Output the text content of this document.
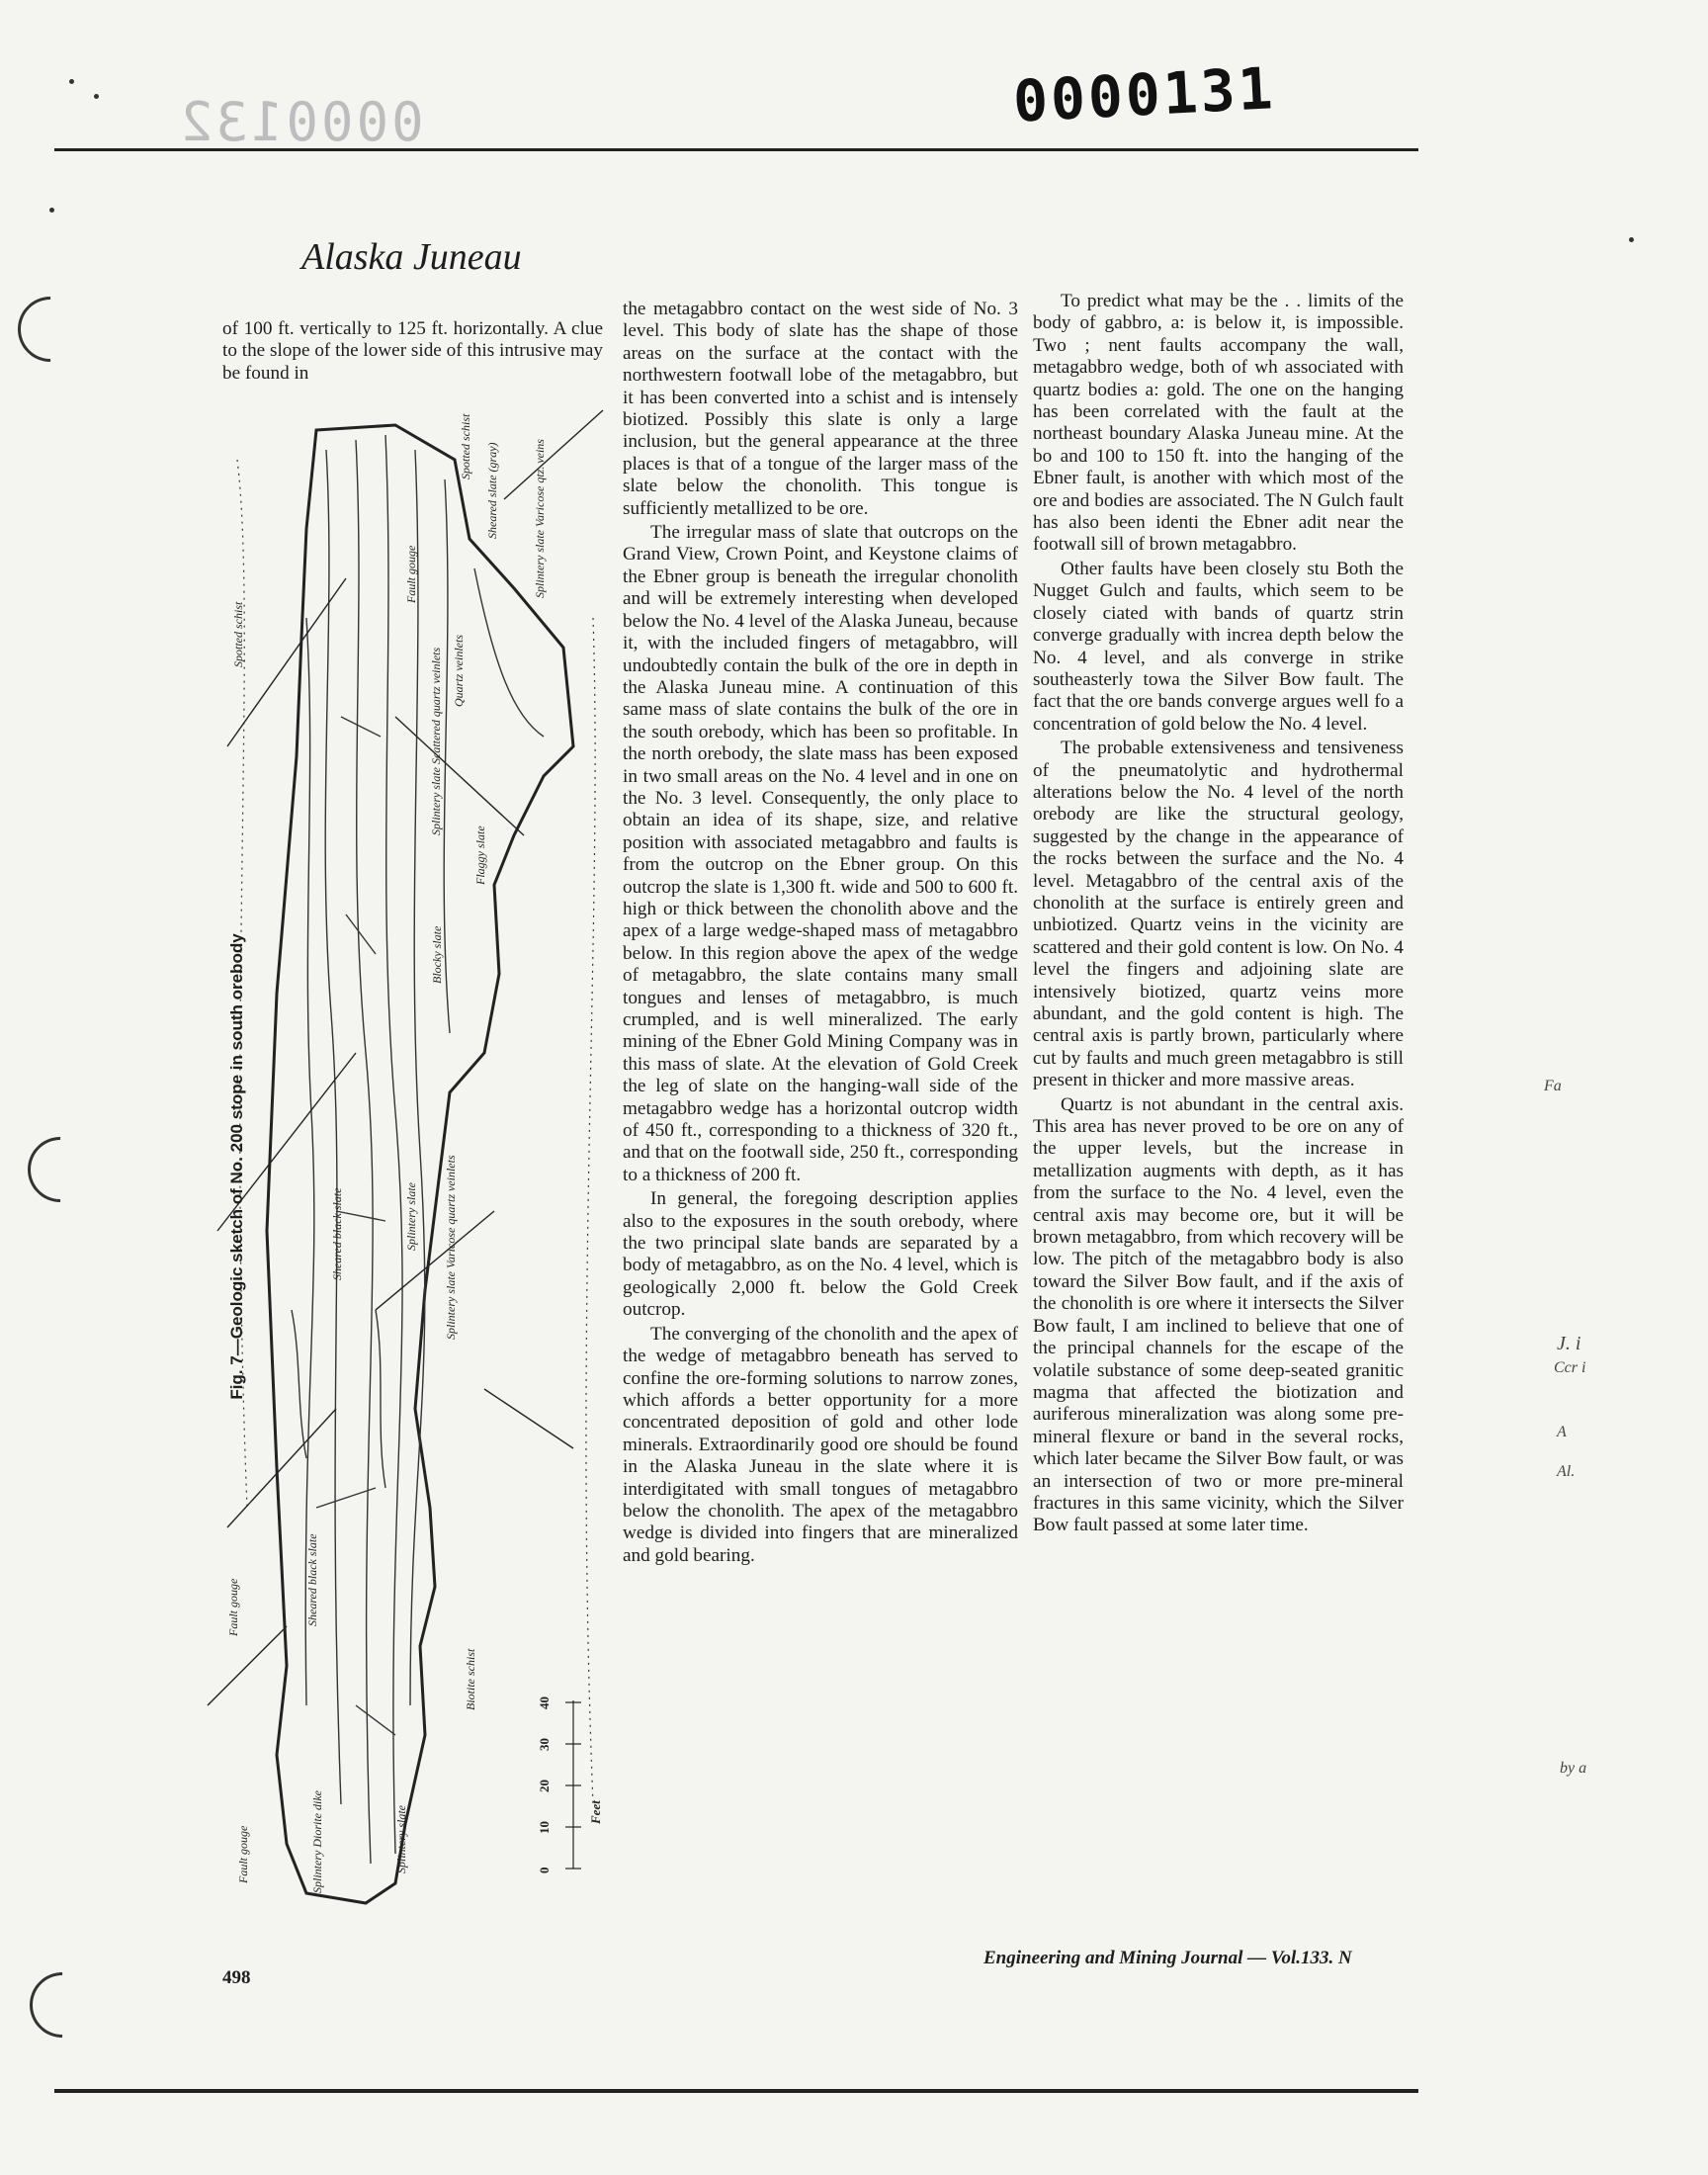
0000132	0000131
Alaska Juneau

of 100 ft. vertically to 125 ft. horizontally. A clue to the slope of the lower side of this intrusive may be found in

Spotted schist
Spotted schist Sheared slate (gray)	Splintery slate Varicose qtz. veins
Fault gouge
Quartz veinlets
Splintery slate Scattered quartz veinlets
Flaggy slate
Blocky slate
Sheared black slate	Splintery slate Splintery slate Varicose quartz veinlets
Sheared black slate
Fault gouge
Biotite schist
Fault gouge	Splintery Diorite dike	Splintery slate	0
10
20
30
40
Feet
Fig. 7—Geologic sketch of No. 200 stope in south orebody

the metagabbro contact on the west side of No. 3 level. This body of slate has the shape of those areas on the surface at the contact with the northwestern footwall lobe of the metagabbro, but it has been converted into a schist and is intensely biotized. Possibly this slate is only a large inclusion, but the general appearance at the three places is that of a tongue of the larger mass of the slate below the chonolith. This tongue is sufficiently metallized to be ore.

The irregular mass of slate that outcrops on the Grand View, Crown Point, and Keystone claims of the Ebner group is beneath the irregular chonolith and will be extremely interesting when developed below the No. 4 level of the Alaska Juneau, because it, with the included fingers of metagabbro, will undoubtedly contain the bulk of the ore in depth in the Alaska Juneau mine. A continuation of this same mass of slate contains the bulk of the ore in the south orebody, which has been so profitable. In the north orebody, the slate mass has been exposed in two small areas on the No. 4 level and in one on the No. 3 level. Consequently, the only place to obtain an idea of its shape, size, and relative position with associated metagabbro and faults is from the outcrop on the Ebner group. On this outcrop the slate is 1,300 ft. wide and 500 to 600 ft. high or thick between the chonolith above and the apex of a large wedge-shaped mass of metagabbro below. In this region above the apex of the wedge of metagabbro, the slate contains many small tongues and lenses of metagabbro, is much crumpled, and is well mineralized. The early mining of the Ebner Gold Mining Company was in this mass of slate. At the elevation of Gold Creek the leg of slate on the hanging-wall side of the metagabbro wedge has a horizontal outcrop width of 450 ft., corresponding to a thickness of 320 ft., and that on the footwall side, 250 ft., corresponding to a thickness of 200 ft.

In general, the foregoing description applies also to the exposures in the south orebody, where the two principal slate bands are separated by a body of metagabbro, as on the No. 4 level, which is geologically 2,000 ft. below the Gold Creek outcrop.

The converging of the chonolith and the apex of the wedge of metagabbro beneath has served to confine the ore-forming solutions to narrow zones, which affords a better opportunity for a more concentrated deposition of gold and other lode minerals. Extraordinarily good ore should be found in the Alaska Juneau in the slate where it is interdigitated with small tongues of metagabbro below the chonolith. The apex of the metagabbro wedge is divided into fingers that are mineralized and gold bearing.

To predict what may be the . . limits of the body of gabbro, a: is below it, is impossible. Two ; nent faults accompany the wall, metagabbro wedge, both of wh associated with quartz bodies a: gold. The one on the hanging has been correlated with the fault at the northeast boundary Alaska Juneau mine. At the bo and 100 to 150 ft. into the hanging of the Ebner fault, is another with which most of the ore and bodies are associated. The N Gulch fault has also been identi the Ebner adit near the footwall sill of brown metagabbro.

Other faults have been closely stu Both the Nugget Gulch and faults, which seem to be closely ciated with bands of quartz strin converge gradually with increa depth below the No. 4 level, and als converge in strike southeasterly towa the Silver Bow fault. The fact that the ore bands converge argues well fo a concentration of gold below the No. 4 level.

The probable extensiveness and tensiveness of the pneumatolytic and hydrothermal alterations below the No. 4 level of the north orebody are like the structural geology, suggested by the change in the appearance of the rocks between the surface and the No. 4 level. Metagabbro of the central axis of the chonolith at the surface is entirely green and unbiotized. Quartz veins in the vicinity are scattered and their gold content is low. On No. 4 level the fingers and adjoining slate are intensively biotized, quartz veins more abundant, and the gold content is high. The central axis is partly brown, particularly where cut by faults and much green metagabbro is still present in thicker and more massive areas.

Quartz is not abundant in the central axis. This area has never proved to be ore on any of the upper levels, but the increase in metallization augments with depth, as it has from the surface to the No. 4 level, even the central axis may become ore, but it will be brown metagabbro, from which recovery will be low. The pitch of the metagabbro body is also toward the Silver Bow fault, and if the axis of the chonolith is ore where it intersects the Silver Bow fault, I am inclined to believe that one of the principal channels for the escape of the volatile substance of some deep-seated granitic magma that affected the biotization and auriferous mineralization was along some pre-mineral flexure or band in the several rocks, which later became the Silver Bow fault, or was an intersection of two or more pre-mineral fractures in this same vicinity, which the Silver Bow fault passed at some later time.

Fa
J. i
Ccr i
A
Al.
by a
498
Engineering and Mining Journal — Vol.133. N
